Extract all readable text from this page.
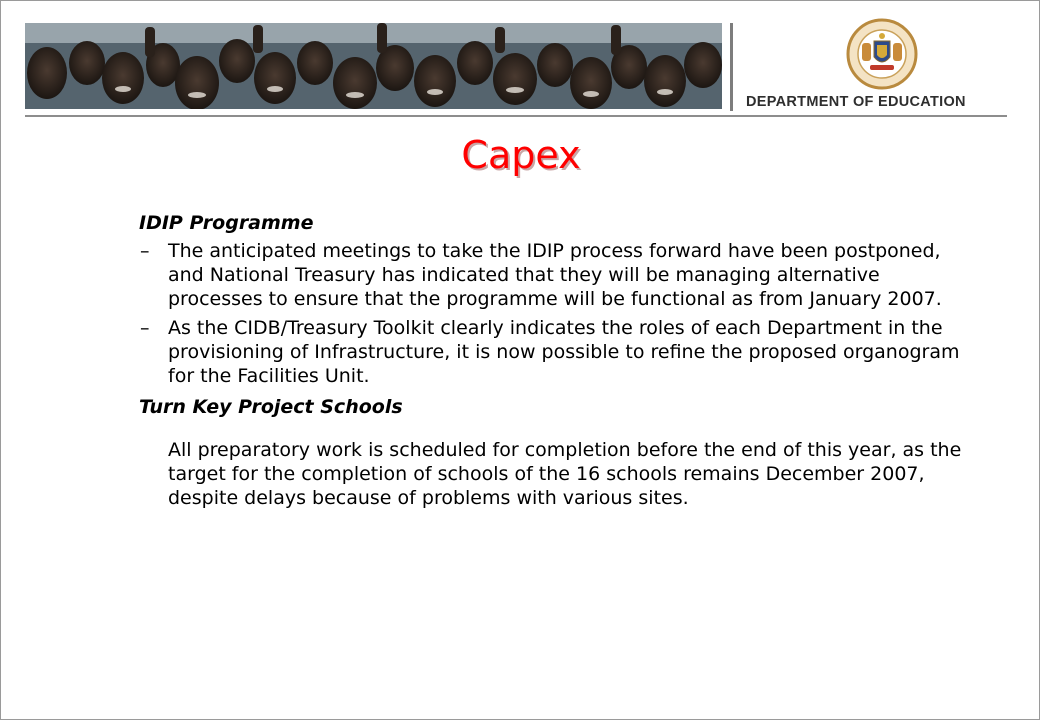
DEPARTMENT OF EDUCATION
Capex
IDIP Programme
– The anticipated meetings to take the IDIP process forward have been postponed, and National Treasury has indicated that they will be managing alternative processes to ensure that the programme will be functional as from January 2007.
– As the CIDB/Treasury Toolkit clearly indicates the roles of each Department in the provisioning of Infrastructure, it is now possible to refine the proposed organogram for the Facilities Unit.
Turn Key Project Schools
All preparatory work is scheduled for completion before the end of this year, as the target for the completion of schools of the 16 schools remains December 2007, despite delays because of problems with various sites.
